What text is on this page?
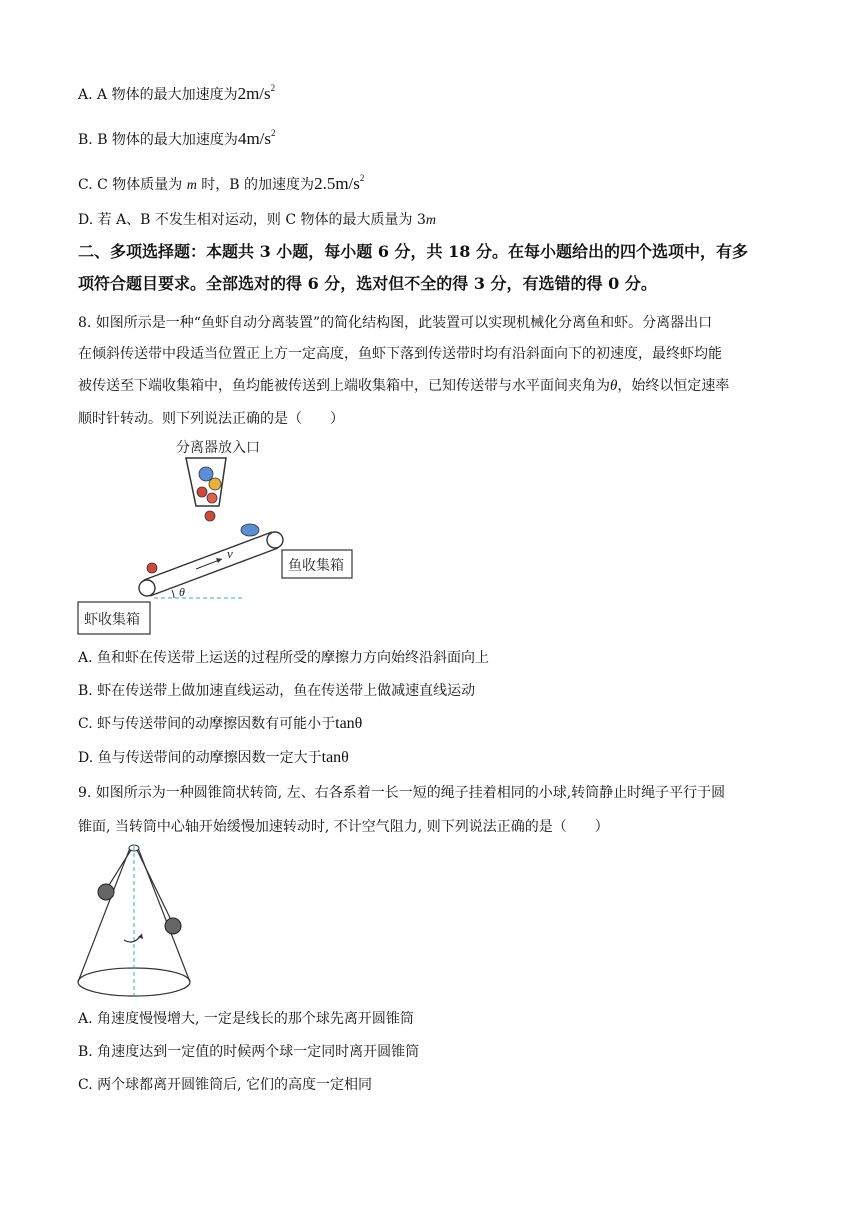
A. A 物体的最大加速度为$2m/s^2$
B. B 物体的最大加速度为$4m/s^2$
C. C 物体质量为 m 时，B 的加速度为$2.5m/s^2$
D. 若 A、B 不发生相对运动，则 C 物体的最大质量为 3m
二、多项选择题：本题共 3 小题，每小题 6 分，共 18 分。在每小题给出的四个选项中，有多
项符合题目要求。全部选对的得 6 分，选对但不全的得 3 分，有选错的得 0 分。
8. 如图所示是一种“鱼虾自动分离装置”的简化结构图，此装置可以实现机械化分离鱼和虾。分离器出口
在倾斜传送带中段适当位置正上方一定高度，鱼虾下落到传送带时均有沿斜面向下的初速度，最终虾均能
被传送至下端收集箱中，鱼均能被传送到上端收集箱中，已知传送带与水平面间夹角为θ，始终以恒定速率
顺时针转动。则下列说法正确的是（　　）
分离器放入口
v
θ
鱼收集箱
虾收集箱
A. 鱼和虾在传送带上运送的过程所受的摩擦力方向始终沿斜面向上
B. 虾在传送带上做加速直线运动，鱼在传送带上做减速直线运动
C. 虾与传送带间的动摩擦因数有可能小于tanθ
D. 鱼与传送带间的动摩擦因数一定大于tanθ
9. 如图所示为一种圆锥筒状转筒, 左、右各系着一长一短的绳子挂着相同的小球,转筒静止时绳子平行于圆
锥面, 当转筒中心轴开始缓慢加速转动时, 不计空气阻力, 则下列说法正确的是（　　）
A. 角速度慢慢增大, 一定是线长的那个球先离开圆锥筒
B. 角速度达到一定值的时候两个球一定同时离开圆锥筒
C. 两个球都离开圆锥筒后, 它们的高度一定相同
